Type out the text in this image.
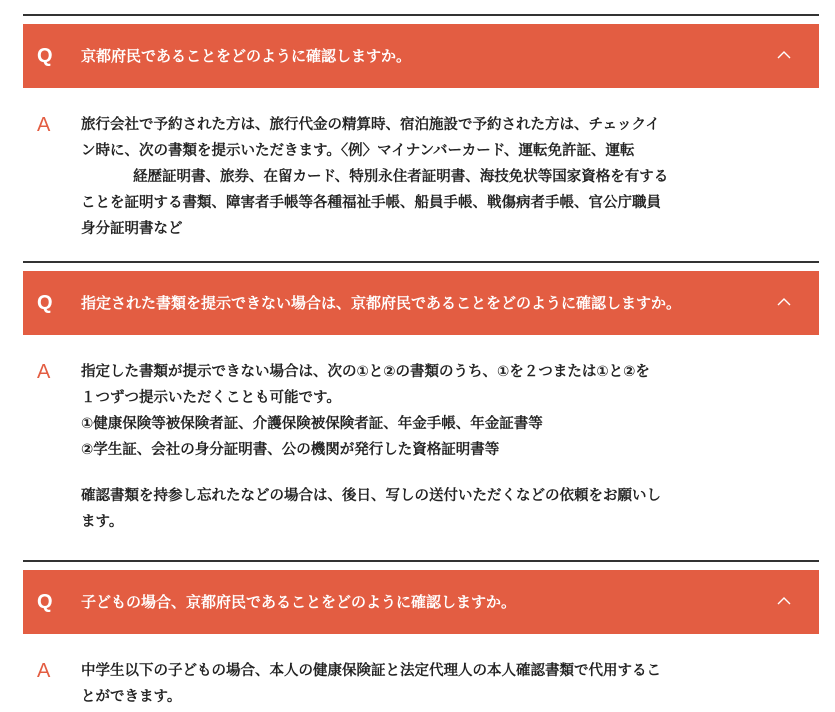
Q 京都府民であることをどのように確認しますか。
A 旅行会社で予約された方は、旅行代金の精算時、宿泊施設で予約された方は、チェックイ
ン時に、次の書類を提示いただきます。〈例〉マイナンバーカード、運転免許証、運転
経歴証明書、旅券、在留カード、特別永住者証明書、海技免状等国家資格を有する
ことを証明する書類、障害者手帳等各種福祉手帳、船員手帳、戦傷病者手帳、官公庁職員
身分証明書など
Q 指定された書類を提示できない場合は、京都府民であることをどのように確認しますか。
A 指定した書類が提示できない場合は、次の①と②の書類のうち、①を２つまたは①と②を
１つずつ提示いただくことも可能です。
①健康保険等被保険者証、介護保険被保険者証、年金手帳、年金証書等
②学生証、会社の身分証明書、公の機関が発行した資格証明書等
確認書類を持参し忘れたなどの場合は、後日、写しの送付いただくなどの依頼をお願いし
ます。
Q 子どもの場合、京都府民であることをどのように確認しますか。
A 中学生以下の子どもの場合、本人の健康保険証と法定代理人の本人確認書類で代用するこ
とができます。
